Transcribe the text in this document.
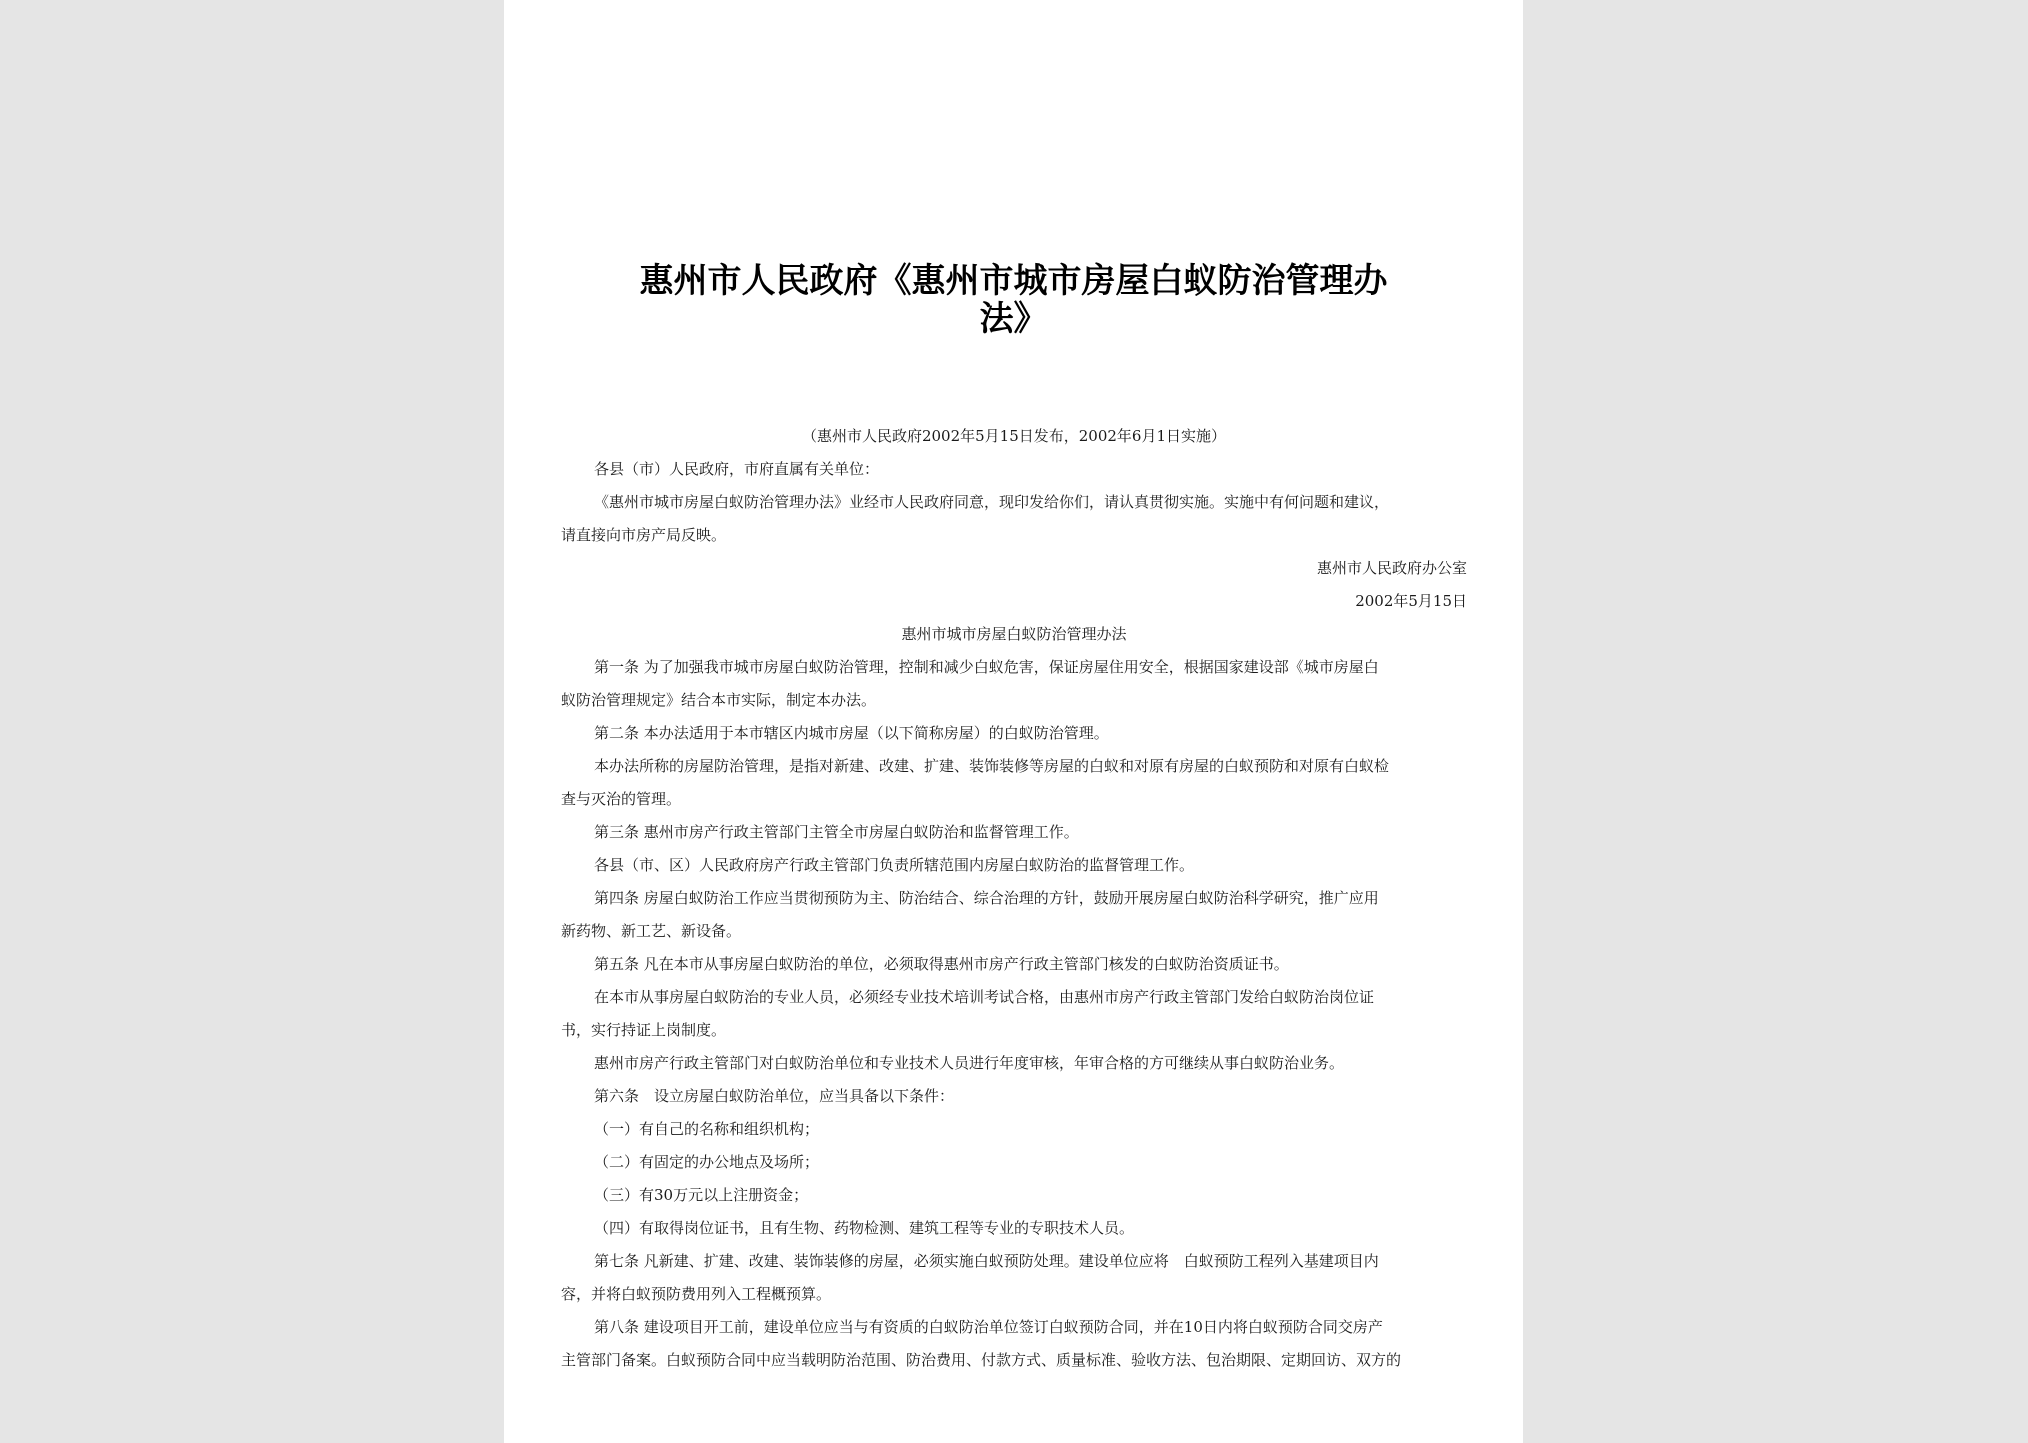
惠州市人民政府《惠州市城市房屋白蚁防治管理办
法》

（惠州市人民政府2002年5月15日发布，2002年6月1日实施）

各县（市）人民政府，市府直属有关单位：

《惠州市城市房屋白蚁防治管理办法》业经市人民政府同意，现印发给你们，请认真贯彻实施。实施中有何问题和建议，

请直接向市房产局反映。

惠州市人民政府办公室

2002年5月15日

惠州市城市房屋白蚁防治管理办法

第一条 为了加强我市城市房屋白蚁防治管理，控制和减少白蚁危害，保证房屋住用安全，根据国家建设部《城市房屋白

蚁防治管理规定》结合本市实际，制定本办法。

第二条 本办法适用于本市辖区内城市房屋（以下简称房屋）的白蚁防治管理。

本办法所称的房屋防治管理，是指对新建、改建、扩建、装饰装修等房屋的白蚁和对原有房屋的白蚁预防和对原有白蚁检

查与灭治的管理。

第三条 惠州市房产行政主管部门主管全市房屋白蚁防治和监督管理工作。

各县（市、区）人民政府房产行政主管部门负责所辖范围内房屋白蚁防治的监督管理工作。

第四条 房屋白蚁防治工作应当贯彻预防为主、防治结合、综合治理的方针，鼓励开展房屋白蚁防治科学研究，推广应用

新药物、新工艺、新设备。

第五条 凡在本市从事房屋白蚁防治的单位，必须取得惠州市房产行政主管部门核发的白蚁防治资质证书。

在本市从事房屋白蚁防治的专业人员，必须经专业技术培训考试合格，由惠州市房产行政主管部门发给白蚁防治岗位证

书，实行持证上岗制度。

惠州市房产行政主管部门对白蚁防治单位和专业技术人员进行年度审核，年审合格的方可继续从事白蚁防治业务。

第六条　设立房屋白蚁防治单位，应当具备以下条件：

（一）有自己的名称和组织机构；

（二）有固定的办公地点及场所；

（三）有30万元以上注册资金；

（四）有取得岗位证书，且有生物、药物检测、建筑工程等专业的专职技术人员。

第七条 凡新建、扩建、改建、装饰装修的房屋，必须实施白蚁预防处理。建设单位应将　白蚁预防工程列入基建项目内

容，并将白蚁预防费用列入工程概预算。

第八条 建设项目开工前，建设单位应当与有资质的白蚁防治单位签订白蚁预防合同，并在10日内将白蚁预防合同交房产

主管部门备案。白蚁预防合同中应当载明防治范围、防治费用、付款方式、质量标准、验收方法、包治期限、定期回访、双方的
